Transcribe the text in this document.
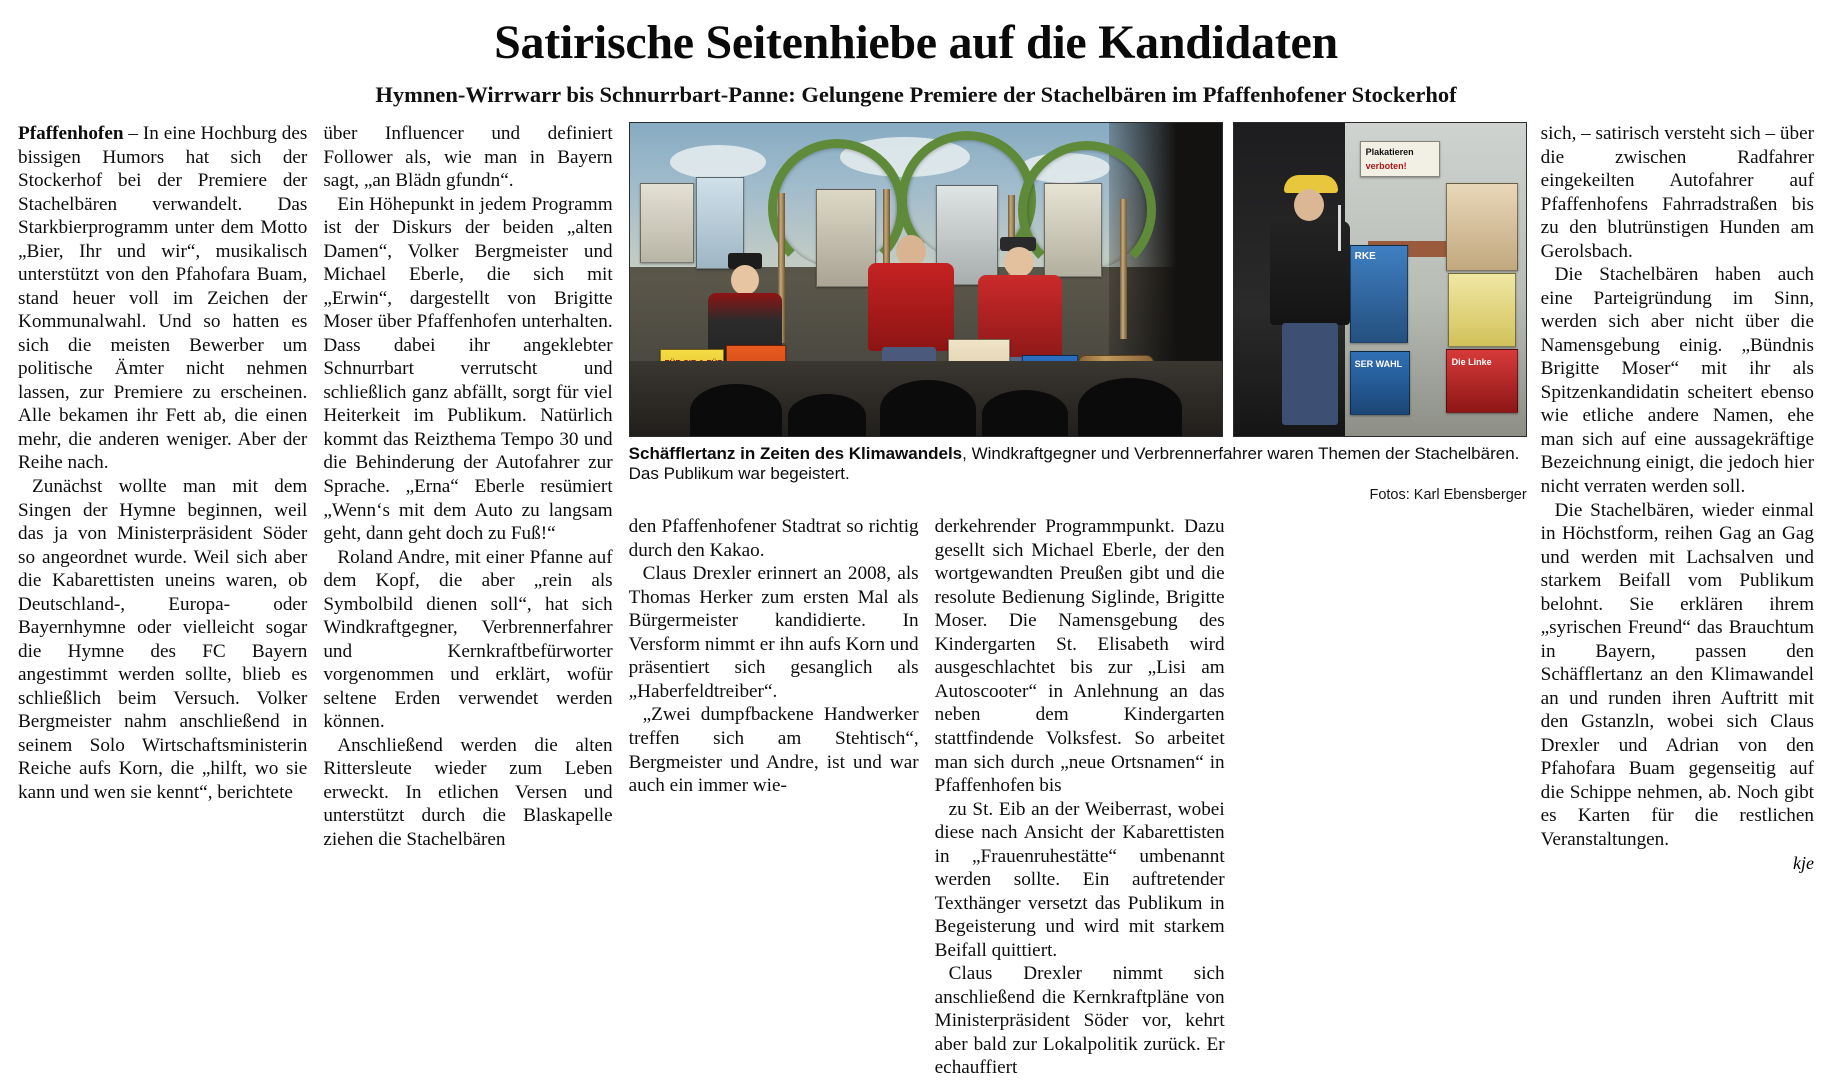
Satirische Seitenhiebe auf die Kandidaten
Hymnen-Wirrwarr bis Schnurrbart-Panne: Gelungene Premiere der Stachelbären im Pfaffenhofener Stockerhof

Pfaffenhofen – In eine Hochburg des bissigen Humors hat sich der Stockerhof bei der Premiere der Stachelbären verwandelt. Das Starkbierprogramm unter dem Motto „Bier, Ihr und wir“, musikalisch unterstützt von den Pfahofara Buam, stand heuer voll im Zeichen der Kommunalwahl. Und so hatten es sich die meisten Bewerber um politische Ämter nicht nehmen lassen, zur Premiere zu erscheinen. Alle bekamen ihr Fett ab, die einen mehr, die anderen weniger. Aber der Reihe nach.

Zunächst wollte man mit dem Singen der Hymne beginnen, weil das ja von Ministerpräsident Söder so angeordnet wurde. Weil sich aber die Kabarettisten uneins waren, ob Deutschland-, Europa- oder Bayernhymne oder vielleicht sogar die Hymne des FC Bayern angestimmt werden sollte, blieb es schließlich beim Versuch. Volker Bergmeister nahm anschließend in seinem Solo Wirtschaftsministerin Reiche aufs Korn, die „hilft, wo sie kann und wen sie kennt“, berichtete

über Influencer und definiert Follower als, wie man in Bayern sagt, „an Blädn gfundn“.

Ein Höhepunkt in jedem Programm ist der Diskurs der beiden „alten Damen“, Volker Bergmeister und Michael Eberle, die sich mit „Erwin“, dargestellt von Brigitte Moser über Pfaffenhofen unterhalten. Dass dabei ihr angeklebter Schnurrbart verrutscht und schließlich ganz abfällt, sorgt für viel Heiterkeit im Publikum. Natürlich kommt das Reizthema Tempo 30 und die Behinderung der Autofahrer zur Sprache. „Erna“ Eberle resümiert „Wenn‘s mit dem Auto zu langsam geht, dann geht doch zu Fuß!“

Roland Andre, mit einer Pfanne auf dem Kopf, die aber „rein als Symbolbild dienen soll“, hat sich Windkraftgegner, Verbrennerfahrer und Kernkraftbefürworter vorgenommen und erklärt, wofür seltene Erden verwendet werden können.

Anschließend werden die alten Rittersleute wieder zum Leben erweckt. In etlichen Versen und unterstützt durch die Blaskapelle ziehen die Stachelbären

Plakatieren
verboten!
Die Linke
RKE
SER WAHL
Schäfflertanz in Zeiten des Klimawandels, Windkraftgegner und Verbrennerfahrer waren Themen der Stachelbären. Das Publikum war begeistert.
Fotos: Karl Ebensberger

den Pfaffenhofener Stadtrat so richtig durch den Kakao.

Claus Drexler erinnert an 2008, als Thomas Herker zum ersten Mal als Bürgermeister kandidierte. In Versform nimmt er ihn aufs Korn und präsentiert sich gesanglich als „Haberfeldtreiber“.

„Zwei dumpfbackene Handwerker treffen sich am Stehtisch“, Bergmeister und Andre, ist und war auch ein immer wie-

derkehrender Programmpunkt. Dazu gesellt sich Michael Eberle, der den wortgewandten Preußen gibt und die resolute Bedienung Siglinde, Brigitte Moser. Die Namensgebung des Kindergarten St. Elisabeth wird ausgeschlachtet bis zur „Lisi am Autoscooter“ in Anlehnung an das neben dem Kindergarten stattfindende Volksfest. So arbeitet man sich durch „neue Ortsnamen“ in Pfaffenhofen bis

zu St. Eib an der Weiberrast, wobei diese nach Ansicht der Kabarettisten in „Frauenruhestätte“ umbenannt werden sollte. Ein auftretender Texthänger versetzt das Publikum in Begeisterung und wird mit starkem Beifall quittiert.

Claus Drexler nimmt sich anschließend die Kernkraftpläne von Ministerpräsident Söder vor, kehrt aber bald zur Lokalpolitik zurück. Er echauffiert

sich, – satirisch versteht sich – über die zwischen Radfahrer eingekeilten Autofahrer auf Pfaffenhofens Fahrradstraßen bis zu den blutrünstigen Hunden am Gerolsbach.

Die Stachelbären haben auch eine Parteigründung im Sinn, werden sich aber nicht über die Namensgebung einig. „Bündnis Brigitte Moser“ mit ihr als Spitzenkandidatin scheitert ebenso wie etliche andere Namen, ehe man sich auf eine aussagekräftige Bezeichnung einigt, die jedoch hier nicht verraten werden soll.

Die Stachelbären, wieder einmal in Höchstform, reihen Gag an Gag und werden mit Lachsalven und starkem Beifall vom Publikum belohnt. Sie erklären ihrem „syrischen Freund“ das Brauchtum in Bayern, passen den Schäfflertanz an den Klimawandel an und runden ihren Auftritt mit den Gstanzln, wobei sich Claus Drexler und Adrian von den Pfahofara Buam gegenseitig auf die Schippe nehmen, ab. Noch gibt es Karten für die restlichen Veranstaltungen.

kje
